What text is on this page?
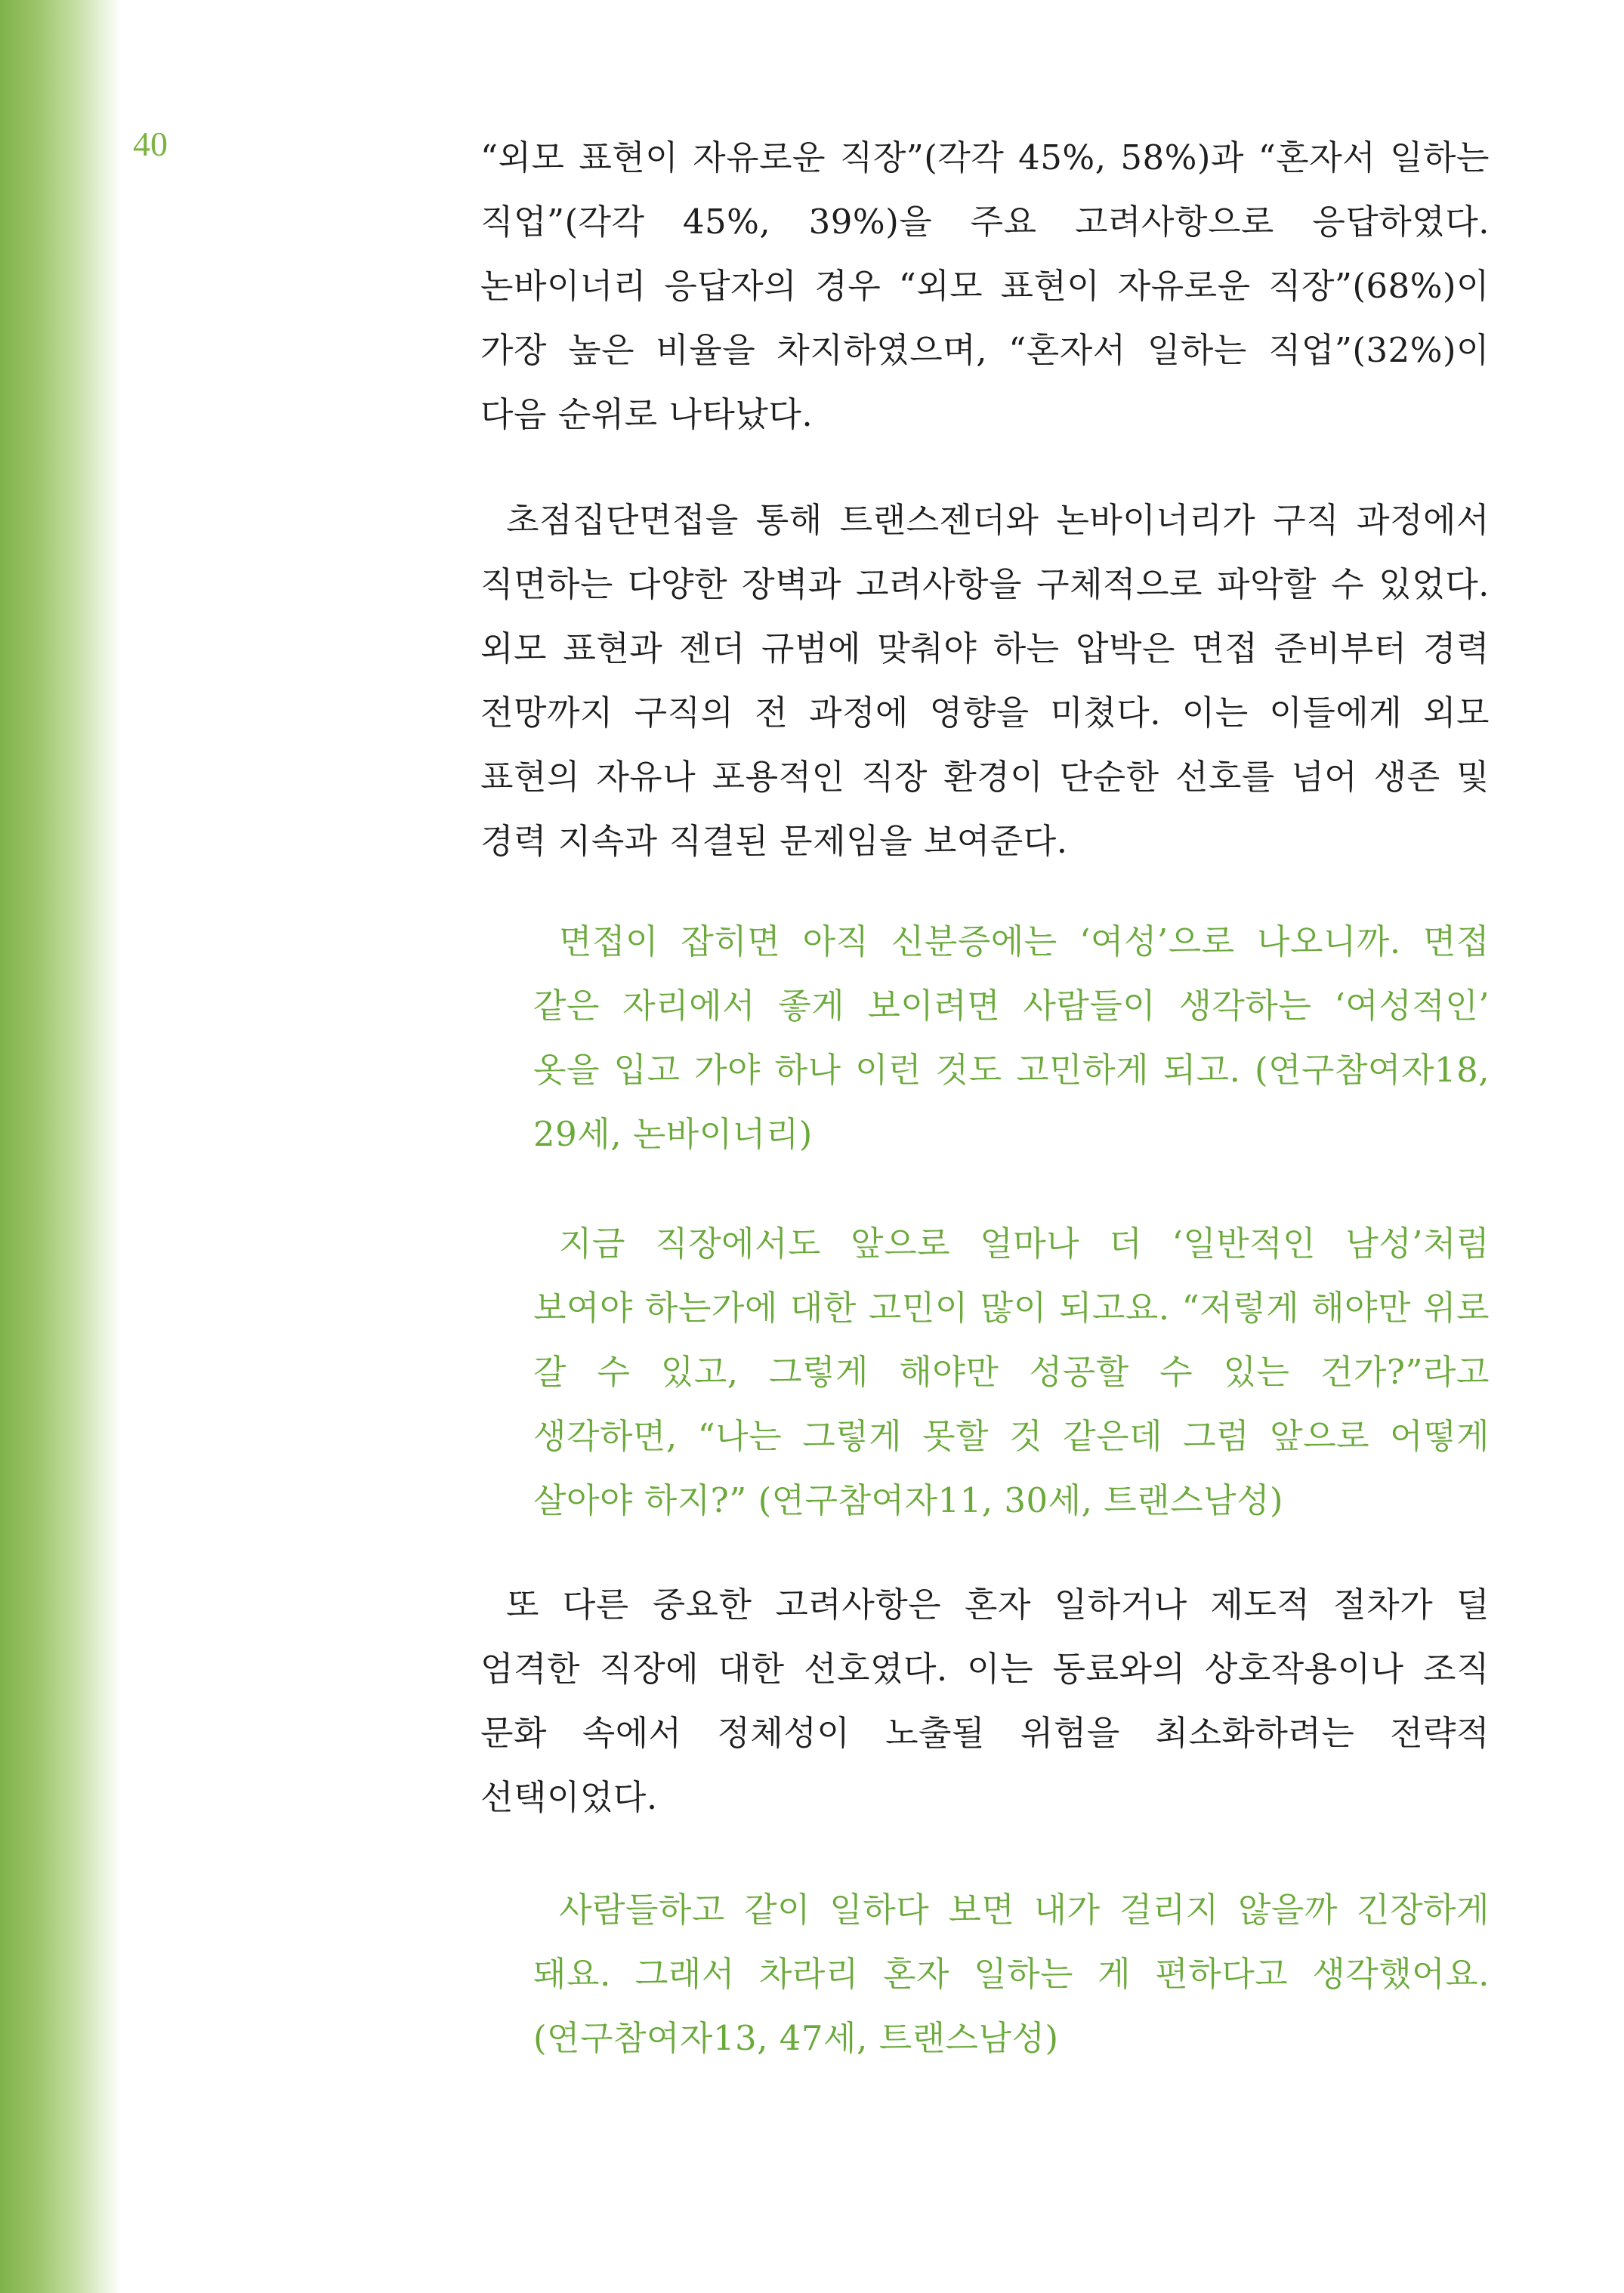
40	“외모 표현이 자유로운 직장”(각각 45%, 58%)과 “혼자서 일하는 직업”(각각 45%, 39%)을 주요 고려사항으로 응답하였다. 논바이너리 응답자의 경우 “외모 표현이 자유로운 직장”(68%)이 가장 높은 비율을 차지하였으며, “혼자서 일하는 직업”(32%)이 다음 순위로 나타났다.

초점집단면접을 통해 트랜스젠더와 논바이너리가 구직 과정에서 직면하는 다양한 장벽과 고려사항을 구체적으로 파악할 수 있었다. 외모 표현과 젠더 규범에 맞춰야 하는 압박은 면접 준비부터 경력 전망까지 구직의 전 과정에 영향을 미쳤다. 이는 이들에게 외모 표현의 자유나 포용적인 직장 환경이 단순한 선호를 넘어 생존 및 경력 지속과 직결된 문제임을 보여준다.

면접이 잡히면 아직 신분증에는 ‘여성’으로 나오니까. 면접 같은 자리에서 좋게 보이려면 사람들이 생각하는 ‘여성적인’ 옷을 입고 가야 하나 이런 것도 고민하게 되고. (연구참여자18, 29세, 논바이너리)

지금 직장에서도 앞으로 얼마나 더 ‘일반적인 남성’처럼 보여야 하는가에 대한 고민이 많이 되고요. “저렇게 해야만 위로 갈 수 있고, 그렇게 해야만 성공할 수 있는 건가?”라고 생각하면, “나는 그렇게 못할 것 같은데 그럼 앞으로 어떻게 살아야 하지?” (연구참여자11, 30세, 트랜스남성)

또 다른 중요한 고려사항은 혼자 일하거나 제도적 절차가 덜 엄격한 직장에 대한 선호였다. 이는 동료와의 상호작용이나 조직 문화 속에서 정체성이 노출될 위험을 최소화하려는 전략적 선택이었다.

사람들하고 같이 일하다 보면 내가 걸리지 않을까 긴장하게 돼요. 그래서 차라리 혼자 일하는 게 편하다고 생각했어요. (연구참여자13, 47세, 트랜스남성)
